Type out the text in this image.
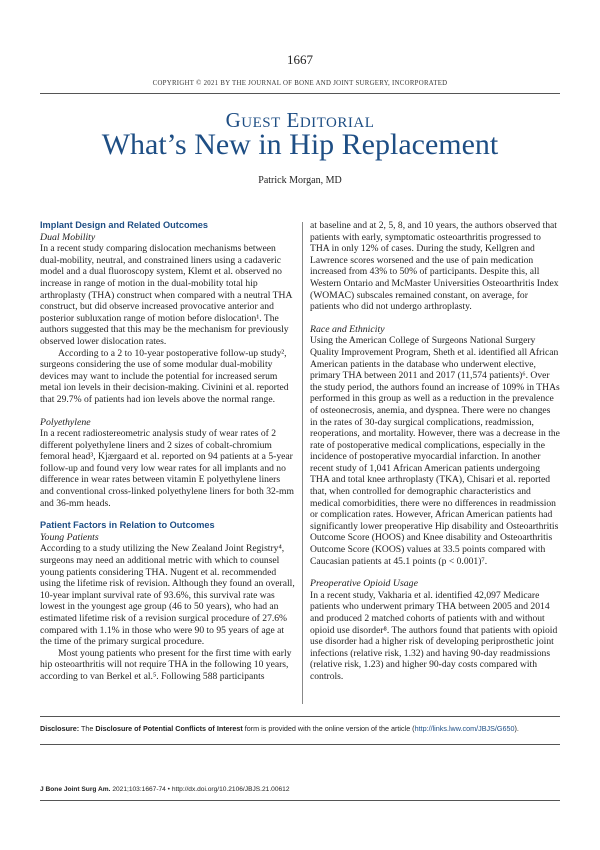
1667
COPYRIGHT © 2021 BY THE JOURNAL OF BONE AND JOINT SURGERY, INCORPORATED
Guest Editorial
What’s New in Hip Replacement
Patrick Morgan, MD
Implant Design and Related Outcomes
Dual Mobility

In a recent study comparing dislocation mechanisms between dual-mobility, neutral, and constrained liners using a cadaveric model and a dual fluoroscopy system, Klemt et al. observed no increase in range of motion in the dual-mobility total hip arthroplasty (THA) construct when compared with a neutral THA construct, but did observe increased provocative anterior and posterior subluxation range of motion before dislocation¹. The authors suggested that this may be the mechanism for previously observed lower dislocation rates.

According to a 2 to 10-year postoperative follow-up study², surgeons considering the use of some modular dual-mobility devices may want to include the potential for increased serum metal ion levels in their decision-making. Civinini et al. reported that 29.7% of patients had ion levels above the normal range.

Polyethylene

In a recent radiostereometric analysis study of wear rates of 2 different polyethylene liners and 2 sizes of cobalt-chromium femoral head³, Kjærgaard et al. reported on 94 patients at a 5-year follow-up and found very low wear rates for all implants and no difference in wear rates between vitamin E polyethylene liners and conventional cross-linked polyethylene liners for both 32-mm and 36-mm heads.

Patient Factors in Relation to Outcomes
Young Patients

According to a study utilizing the New Zealand Joint Registry⁴, surgeons may need an additional metric with which to counsel young patients considering THA. Nugent et al. recommended using the lifetime risk of revision. Although they found an overall, 10-year implant survival rate of 93.6%, this survival rate was lowest in the youngest age group (46 to 50 years), who had an estimated lifetime risk of a revision surgical procedure of 27.6% compared with 1.1% in those who were 90 to 95 years of age at the time of the primary surgical procedure.

Most young patients who present for the first time with early hip osteoarthritis will not require THA in the following 10 years, according to van Berkel et al.⁵. Following 588 participants

at baseline and at 2, 5, 8, and 10 years, the authors observed that patients with early, symptomatic osteoarthritis progressed to THA in only 12% of cases. During the study, Kellgren and Lawrence scores worsened and the use of pain medication increased from 43% to 50% of participants. Despite this, all Western Ontario and McMaster Universities Osteoarthritis Index (WOMAC) subscales remained constant, on average, for patients who did not undergo arthroplasty.

Race and Ethnicity

Using the American College of Surgeons National Surgery Quality Improvement Program, Sheth et al. identified all African American patients in the database who underwent elective, primary THA between 2011 and 2017 (11,574 patients)⁶. Over the study period, the authors found an increase of 109% in THAs performed in this group as well as a reduction in the prevalence of osteonecrosis, anemia, and dyspnea. There were no changes in the rates of 30-day surgical complications, readmission, reoperations, and mortality. However, there was a decrease in the rate of postoperative medical complications, especially in the incidence of postoperative myocardial infarction. In another recent study of 1,041 African American patients undergoing THA and total knee arthroplasty (TKA), Chisari et al. reported that, when controlled for demographic characteristics and medical comorbidities, there were no differences in readmission or complication rates. However, African American patients had significantly lower preoperative Hip disability and Osteoarthritis Outcome Score (HOOS) and Knee disability and Osteoarthritis Outcome Score (KOOS) values at 33.5 points compared with Caucasian patients at 45.1 points (p < 0.001)⁷.

Preoperative Opioid Usage

In a recent study, Vakharia et al. identified 42,097 Medicare patients who underwent primary THA between 2005 and 2014 and produced 2 matched cohorts of patients with and without opioid use disorder⁸. The authors found that patients with opioid use disorder had a higher risk of developing periprosthetic joint infections (relative risk, 1.32) and having 90-day readmissions (relative risk, 1.23) and higher 90-day costs compared with controls.

Disclosure: The Disclosure of Potential Conflicts of Interest form is provided with the online version of the article (http://links.lww.com/JBJS/G650).
J Bone Joint Surg Am. 2021;103:1667-74 • http://dx.doi.org/10.2106/JBJS.21.00612
